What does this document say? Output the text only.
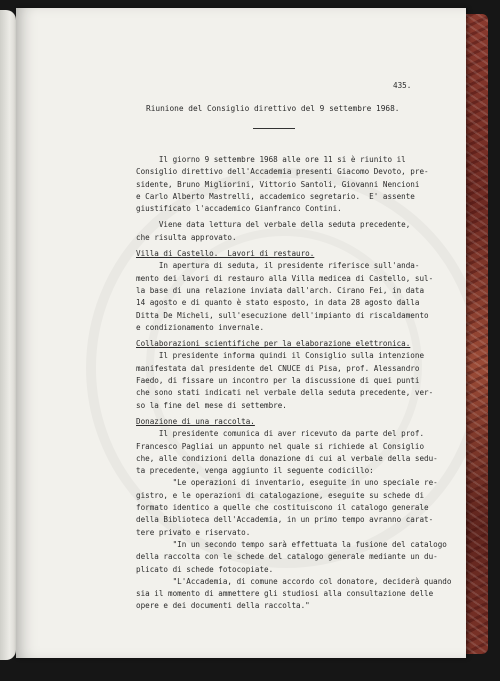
435.
Riunione del Consiglio direttivo del 9 settembre 1968.
Il giorno 9 settembre 1968 alle ore 11 si è riunito il
Consiglio direttivo dell'Accademia presenti Giacomo Devoto, pre-
sidente, Bruno Migliorini, Vittorio Santoli, Giovanni Nencioni
e Carlo Alberto Mastrelli, accademico segretario.  E' assente
giustificato l'accademico Gianfranco Contini.
Viene data lettura del verbale della seduta precedente,
che risulta approvato.
Villa di Castello.  Lavori di restauro.
In apertura di seduta, il presidente riferisce sull'anda-
mento dei lavori di restauro alla Villa medicea di Castello, sul-
la base di una relazione inviata dall'arch. Cirano Fei, in data
14 agosto e di quanto è stato esposto, in data 28 agosto dalla
Ditta De Micheli, sull'esecuzione dell'impianto di riscaldamento
e condizionamento invernale.
Collaborazioni scientifiche per la elaborazione elettronica.
Il presidente informa quindi il Consiglio sulla intenzione
manifestata dal presidente del CNUCE di Pisa, prof. Alessandro
Faedo, di fissare un incontro per la discussione di quei punti
che sono stati indicati nel verbale della seduta precedente, ver-
so la fine del mese di settembre.
Donazione di una raccolta.
Il presidente comunica di aver ricevuto da parte del prof.
Francesco Pagliai un appunto nel quale si richiede al Consiglio
che, alle condizioni della donazione di cui al verbale della sedu-
ta precedente, venga aggiunto il seguente codicillo:
"Le operazioni di inventario, eseguite in uno speciale re-
gistro, e le operazioni di catalogazione, eseguite su schede di
formato identico a quelle che costituiscono il catalogo generale
della Biblioteca dell'Accademia, in un primo tempo avranno carat-
tere privato e riservato.
"In un secondo tempo sarà effettuata la fusione del catalogo
della raccolta con le schede del catalogo generale mediante un du-
plicato di schede fotocopiate.
"L'Accademia, di comune accordo col donatore, deciderà quando
sia il momento di ammettere gli studiosi alla consultazione delle
opere e dei documenti della raccolta."
